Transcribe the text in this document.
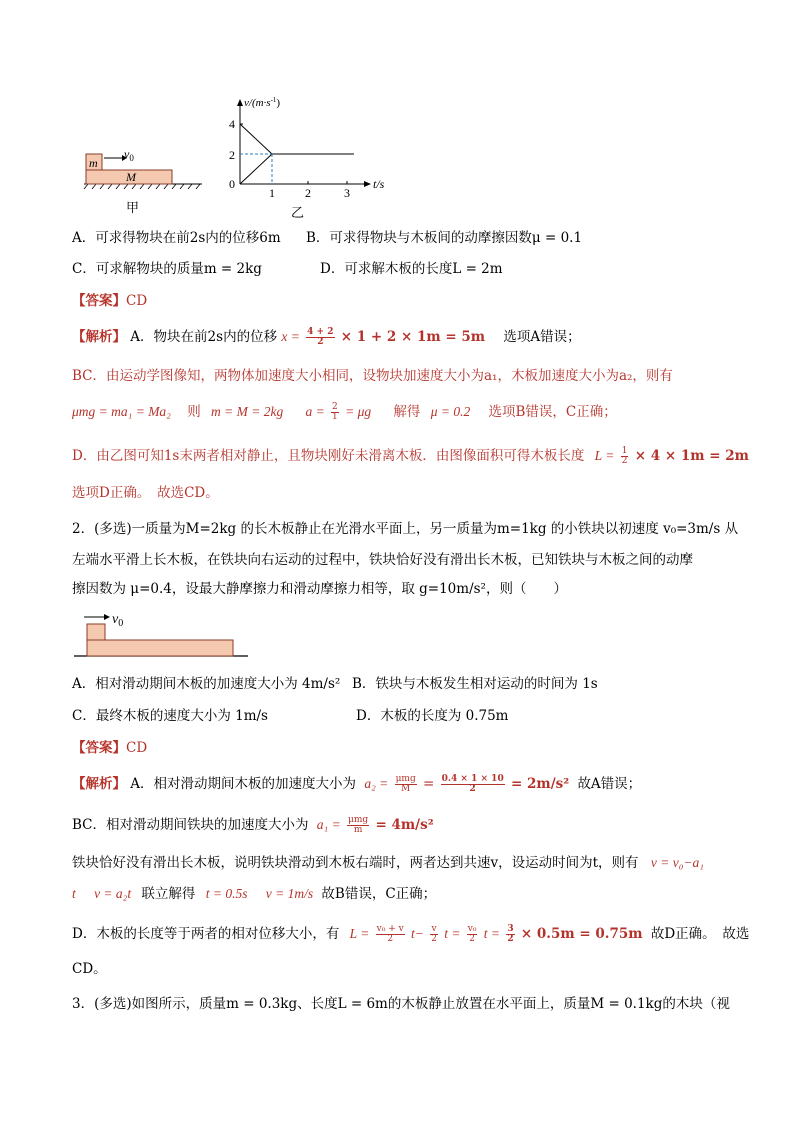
m
M
$v_0$
甲
$v/(m\cdot s^{-1})$
t/s
4
2
0
1	2	3
乙
A．可求得物块在前2s内的位移6m B．可求得物块与木板间的动摩擦因数μ = 0.1
C．可求解物块的质量m = 2kg	D．可求解木板的长度L = 2m
【答案】CD
【解析】 A．物块在前2s内的位移 $x = \frac{4 + 2}{2} \times 1 + 2 \times 1m = 5m$ 选项A错误；
BC．由运动学图像知，两物体加速度大小相同，设物块加速度大小为a₁，木板加速度大小为a₂，则有
μmg = ma₁ = Ma₂ 则 m = M = 2kg $a = \frac{2}{1} = \mu g$ 解得 μ = 0.2 选项B错误，C正确；
D．由乙图可知1s末两者相对静止，且物块刚好未滑离木板．由图像面积可得木板长度 $L = \frac{1}{2} \times 4 \times 1m = 2m$
选项D正确。　故选CD。
2．(多选)一质量为M=2kg 的长木板静止在光滑水平面上，另一质量为m=1kg 的小铁块以初速度 v₀=3m/s 从
左端水平滑上长木板，在铁块向右运动的过程中，铁块恰好没有滑出长木板，已知铁块与木板之间的动摩
擦因数为 μ=0.4，设最大静摩擦力和滑动摩擦力相等，取 g=10m/s²，则（　　）
$v_0$
A．相对滑动期间木板的加速度大小为 4m/s² B．铁块与木板发生相对运动的时间为 1s
C．最终木板的速度大小为 1m/s	D．木板的长度为 0.75m
【答案】CD
【解析】 A．相对滑动期间木板的加速度大小为 $a_2 = \frac{\text{μmg}}{M} = \frac{0.4 \times 1 \times 10}{2} = 2m/s^2$ 故A错误；
BC．相对滑动期间铁块的加速度大小为 $a_1 = \frac{\text{μmg}}{m} = 4m/s^2$
铁块恰好没有滑出长木板，说明铁块滑动到木板右端时，两者达到共速v，设运动时间为t，则有 v = v₀−a₁
t v = a₂t 联立解得 t = 0.5s v = 1m/s 故B错误，C正确；
D．木板的长度等于两者的相对位移大小，有 $L = \frac{\text{v₀ + v}}{2} t- \frac{v}{2}$ $t = \frac{\text{v₀}}{2}$ $t = \frac{3}{2} \times 0.5m = 0.75m$ 故D正确。　故选
CD。
3．(多选)如图所示，质量m = 0.3kg、长度L = 6m的木板静止放置在水平面上，质量M = 0.1kg的木块（视
